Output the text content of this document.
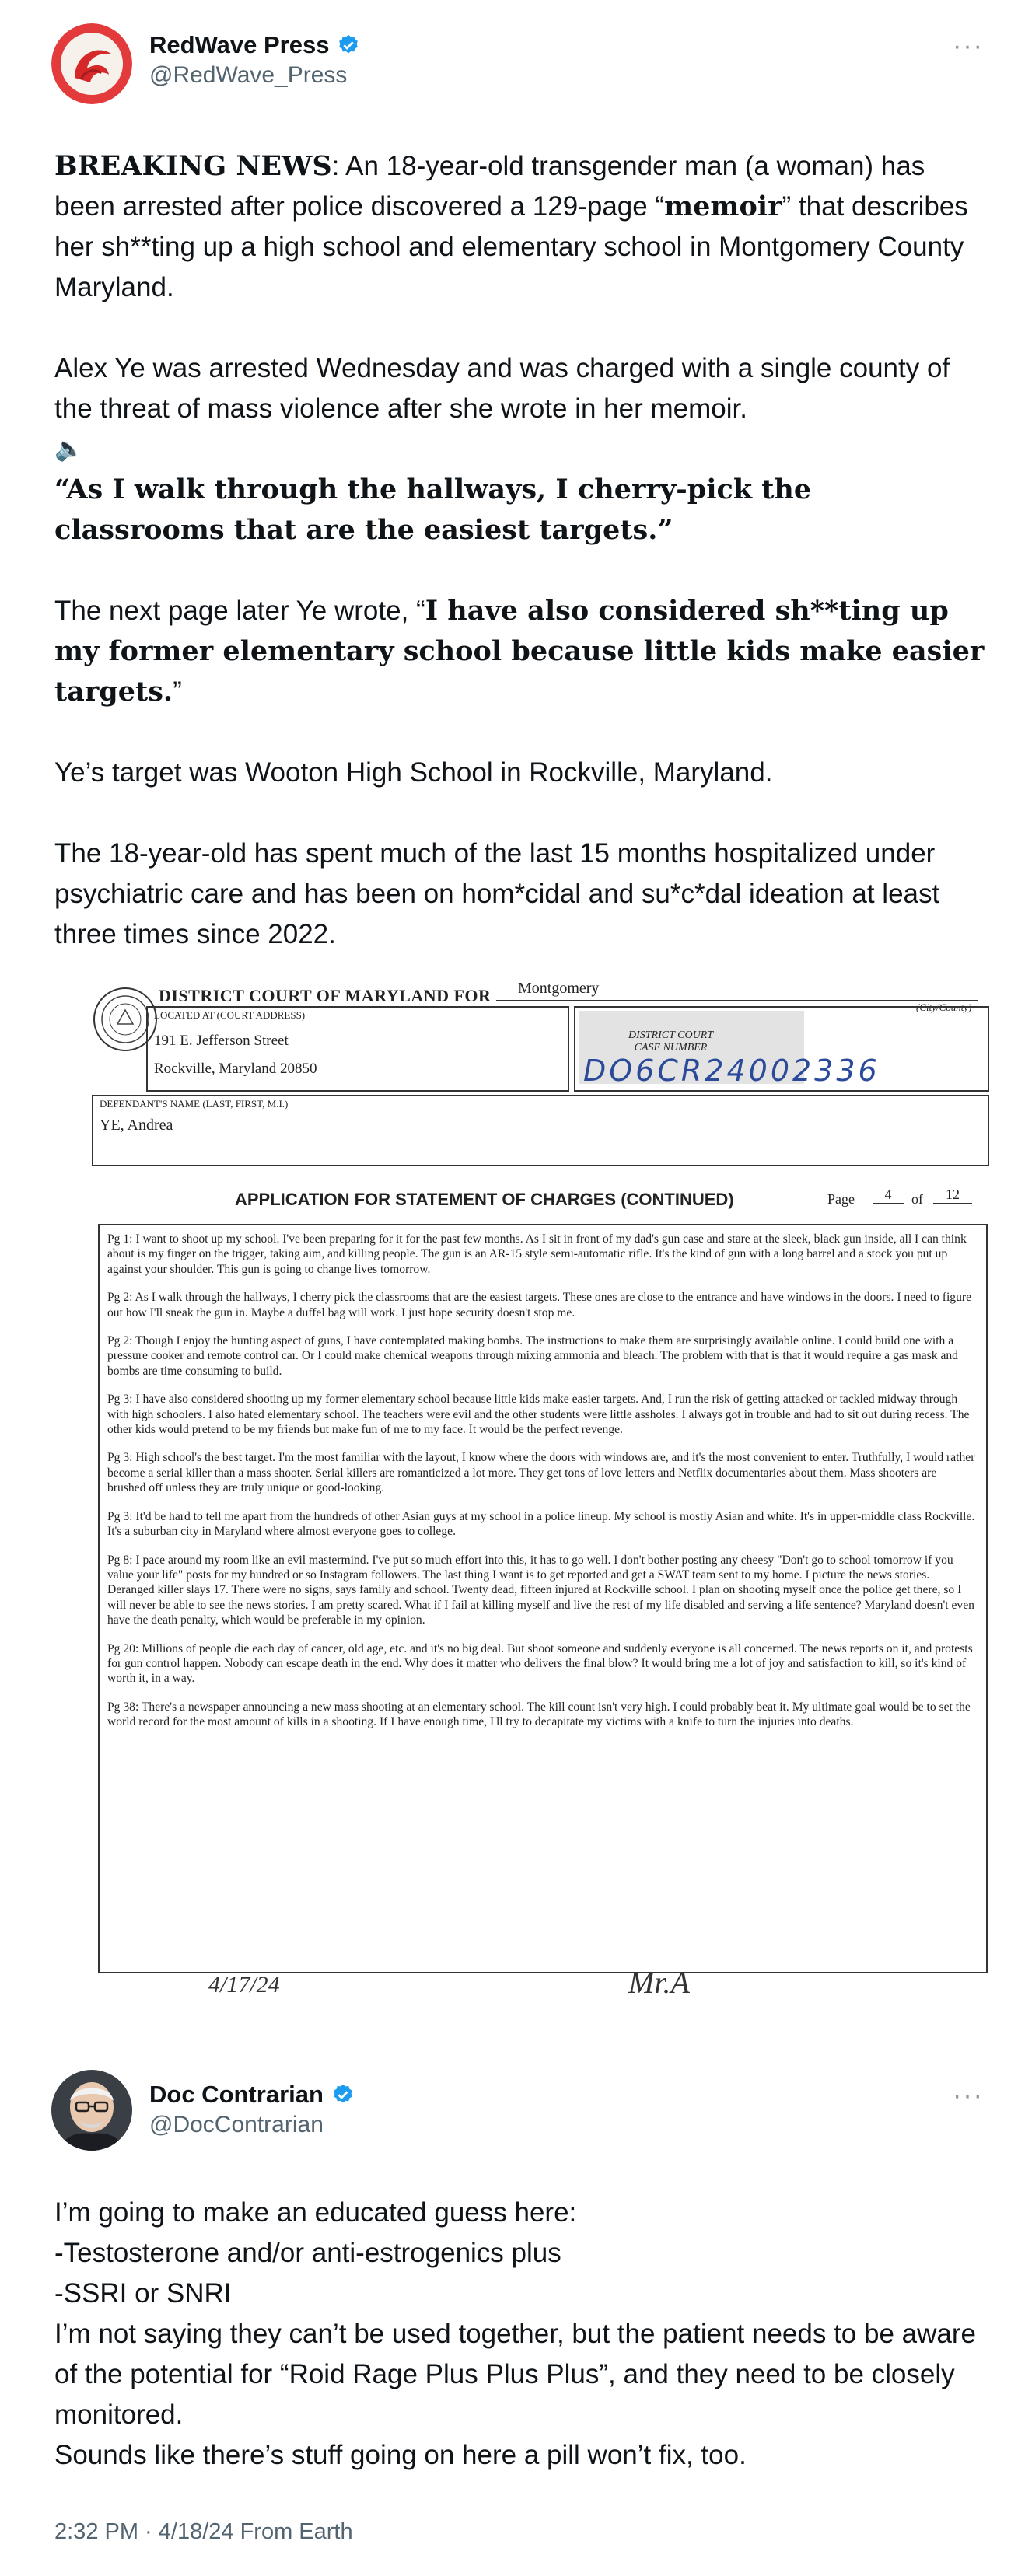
RedWave Press
@RedWave_Press
···

BREAKING NEWS: An 18-year-old transgender man (a woman) has been arrested after police discovered a 129-page “memoir” that describes her sh**ting up a high school and elementary school in Montgomery County Maryland.

Alex Ye was arrested Wednesday and was charged with a single county of the threat of mass violence after she wrote in her memoir.

🔈

“As I walk through the hallways, I cherry-pick the classrooms that are the easiest targets.”

The next page later Ye wrote, “I have also considered sh**ting up my former elementary school because little kids make easier targets.”

Ye’s target was Wooton High School in Rockville, Maryland.

The 18-year-old has spent much of the last 15 months hospitalized under psychiatric care and has been on hom*cidal and su*c*dal ideation at least three times since 2022.

DISTRICT COURT OF MARYLAND FOR Montgomery
(City/County)
LOCATED AT (COURT ADDRESS)
191 E. Jefferson Street
Rockville, Maryland 20850
DISTRICT COURT
CASE NUMBER
DO6CR24002336
DEFENDANT'S NAME (LAST, FIRST, M.I.)
YE, Andrea
APPLICATION FOR STATEMENT OF CHARGES (CONTINUED)	Page	4	of	12

Pg 1: I want to shoot up my school. I've been preparing for it for the past few months. As I sit in front of my dad's gun case and stare at the sleek, black gun inside, all I can think about is my finger on the trigger, taking aim, and killing people. The gun is an AR-15 style semi-automatic rifle. It's the kind of gun with a long barrel and a stock you put up against your shoulder. This gun is going to change lives tomorrow.

Pg 2: As I walk through the hallways, I cherry pick the classrooms that are the easiest targets. These ones are close to the entrance and have windows in the doors. I need to figure out how I'll sneak the gun in. Maybe a duffel bag will work. I just hope security doesn't stop me.

Pg 2: Though I enjoy the hunting aspect of guns, I have contemplated making bombs. The instructions to make them are surprisingly available online. I could build one with a pressure cooker and remote control car. Or I could make chemical weapons through mixing ammonia and bleach. The problem with that is that it would require a gas mask and bombs are time consuming to build.

Pg 3: I have also considered shooting up my former elementary school because little kids make easier targets. And, I run the risk of getting attacked or tackled midway through with high schoolers. I also hated elementary school. The teachers were evil and the other students were little assholes. I always got in trouble and had to sit out during recess. The other kids would pretend to be my friends but make fun of me to my face. It would be the perfect revenge.

Pg 3: High school's the best target. I'm the most familiar with the layout, I know where the doors with windows are, and it's the most convenient to enter. Truthfully, I would rather become a serial killer than a mass shooter. Serial killers are romanticized a lot more. They get tons of love letters and Netflix documentaries about them. Mass shooters are brushed off unless they are truly unique or good-looking.

Pg 3: It'd be hard to tell me apart from the hundreds of other Asian guys at my school in a police lineup. My school is mostly Asian and white. It's in upper-middle class Rockville. It's a suburban city in Maryland where almost everyone goes to college.

Pg 8: I pace around my room like an evil mastermind. I've put so much effort into this, it has to go well. I don't bother posting any cheesy "Don't go to school tomorrow if you value your life" posts for my hundred or so Instagram followers. The last thing I want is to get reported and get a SWAT team sent to my home. I picture the news stories. Deranged killer slays 17. There were no signs, says family and school. Twenty dead, fifteen injured at Rockville school. I plan on shooting myself once the police get there, so I will never be able to see the news stories. I am pretty scared. What if I fail at killing myself and live the rest of my life disabled and serving a life sentence? Maryland doesn't even have the death penalty, which would be preferable in my opinion.

Pg 20: Millions of people die each day of cancer, old age, etc. and it's no big deal. But shoot someone and suddenly everyone is all concerned. The news reports on it, and protests for gun control happen. Nobody can escape death in the end. Why does it matter who delivers the final blow? It would bring me a lot of joy and satisfaction to kill, so it's kind of worth it, in a way.

Pg 38: There's a newspaper announcing a new mass shooting at an elementary school. The kill count isn't very high. I could probably beat it. My ultimate goal would be to set the world record for the most amount of kills in a shooting. If I have enough time, I'll try to decapitate my victims with a knife to turn the injuries into deaths.

4/17/24	Mr.A
Doc Contrarian
@DocContrarian
···

I’m going to make an educated guess here:

-Testosterone and/or anti-estrogenics plus

-SSRI or SNRI

I’m not saying they can’t be used together, but the patient needs to be aware of the potential for “Roid Rage Plus Plus Plus”, and they need to be closely monitored.

Sounds like there’s stuff going on here a pill won’t fix, too.

2:32 PM · 4/18/24 From Earth
